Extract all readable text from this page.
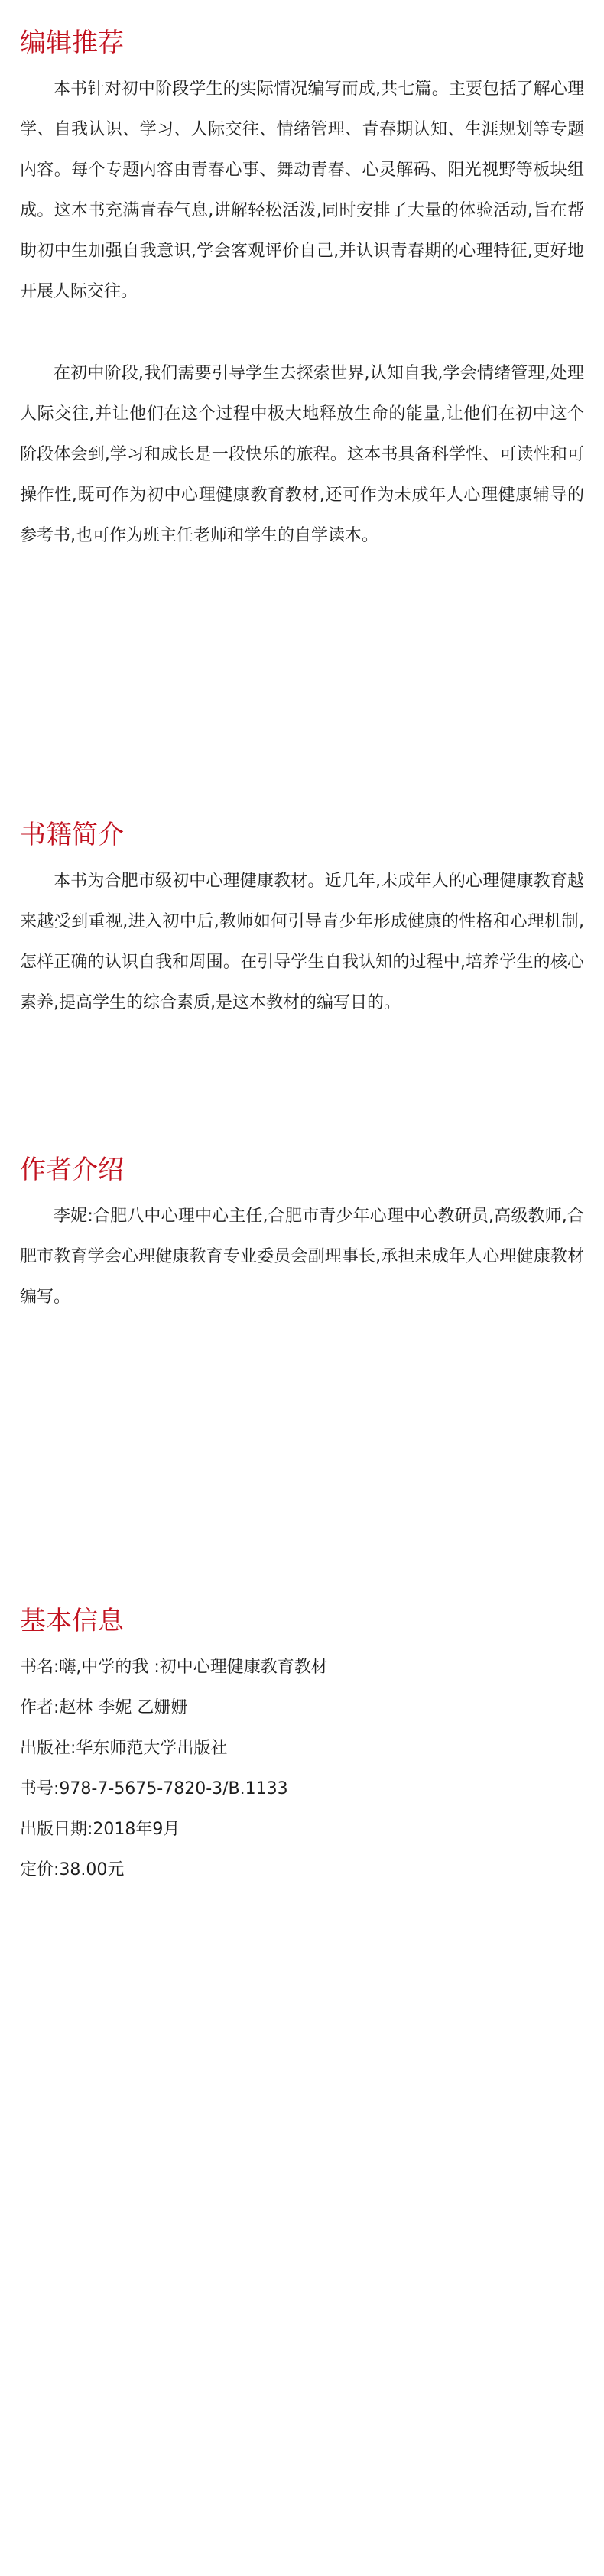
编辑推荐

本书针对初中阶段学生的实际情况编写而成,共七篇。主要包括了解心理学、自我认识、学习、人际交往、情绪管理、青春期认知、生涯规划等专题内容。每个专题内容由青春心事、舞动青春、心灵解码、阳光视野等板块组成。这本书充满青春气息,讲解轻松活泼,同时安排了大量的体验活动,旨在帮助初中生加强自我意识,学会客观评价自己,并认识青春期的心理特征,更好地开展人际交往。

在初中阶段,我们需要引导学生去探索世界,认知自我,学会情绪管理,处理人际交往,并让他们在这个过程中极大地释放生命的能量,让他们在初中这个阶段体会到,学习和成长是一段快乐的旅程。这本书具备科学性、可读性和可操作性,既可作为初中心理健康教育教材,还可作为未成年人心理健康辅导的参考书,也可作为班主任老师和学生的自学读本。

书籍简介

本书为合肥市级初中心理健康教材。近几年,未成年人的心理健康教育越来越受到重视,进入初中后,教师如何引导青少年形成健康的性格和心理机制,怎样正确的认识自我和周围。在引导学生自我认知的过程中,培养学生的核心素养,提高学生的综合素质,是这本教材的编写目的。

作者介绍

李妮:合肥八中心理中心主任,合肥市青少年心理中心教研员,高级教师,合肥市教育学会心理健康教育专业委员会副理事长,承担未成年人心理健康教材编写。

基本信息

书名:嗨,中学的我 :初中心理健康教育教材

作者:赵林 李妮 乙姗姗

出版社:华东师范大学出版社

书号:978-7-5675-7820-3/B.1133

出版日期:2018年9月

定价:38.00元
